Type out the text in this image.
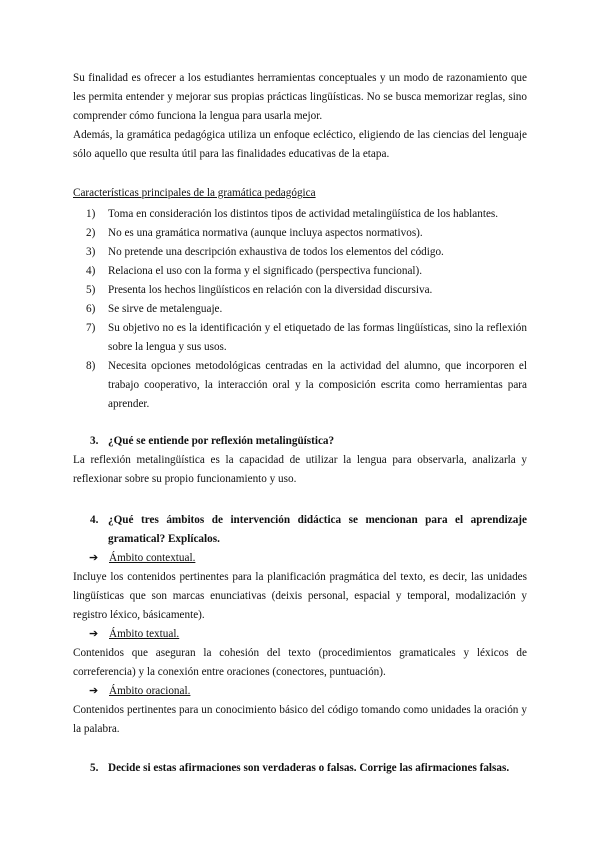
Su finalidad es ofrecer a los estudiantes herramientas conceptuales y un modo de razonamiento que les permita entender y mejorar sus propias prácticas lingüísticas. No se busca memorizar reglas, sino comprender cómo funciona la lengua para usarla mejor.

Además, la gramática pedagógica utiliza un enfoque ecléctico, eligiendo de las ciencias del lenguaje sólo aquello que resulta útil para las finalidades educativas de la etapa.

Características principales de la gramática pedagógica

1) Toma en consideración los distintos tipos de actividad metalingüística de los hablantes.
2) No es una gramática normativa (aunque incluya aspectos normativos).
3) No pretende una descripción exhaustiva de todos los elementos del código.
4) Relaciona el uso con la forma y el significado (perspectiva funcional).
5) Presenta los hechos lingüísticos en relación con la diversidad discursiva.
6) Se sirve de metalenguaje.
7) Su objetivo no es la identificación y el etiquetado de las formas lingüísticas, sino la reflexión sobre la lengua y sus usos.
8) Necesita opciones metodológicas centradas en la actividad del alumno, que incorporen el trabajo cooperativo, la interacción oral y la composición escrita como herramientas para aprender.
3. ¿Qué se entiende por reflexión metalingüística?

La reflexión metalingüística es la capacidad de utilizar la lengua para observarla, analizarla y reflexionar sobre su propio funcionamiento y uso.

4. ¿Qué tres ámbitos de intervención didáctica se mencionan para el aprendizaje gramatical? Explícalos.
➔ Ámbito contextual.

Incluye los contenidos pertinentes para la planificación pragmática del texto, es decir, las unidades lingüísticas que son marcas enunciativas (deixis personal, espacial y temporal, modalización y registro léxico, básicamente).

➔ Ámbito textual.

Contenidos que aseguran la cohesión del texto (procedimientos gramaticales y léxicos de correferencia) y la conexión entre oraciones (conectores, puntuación).

➔ Ámbito oracional.

Contenidos pertinentes para un conocimiento básico del código tomando como unidades la oración y la palabra.

5. Decide si estas afirmaciones son verdaderas o falsas. Corrige las afirmaciones falsas.
